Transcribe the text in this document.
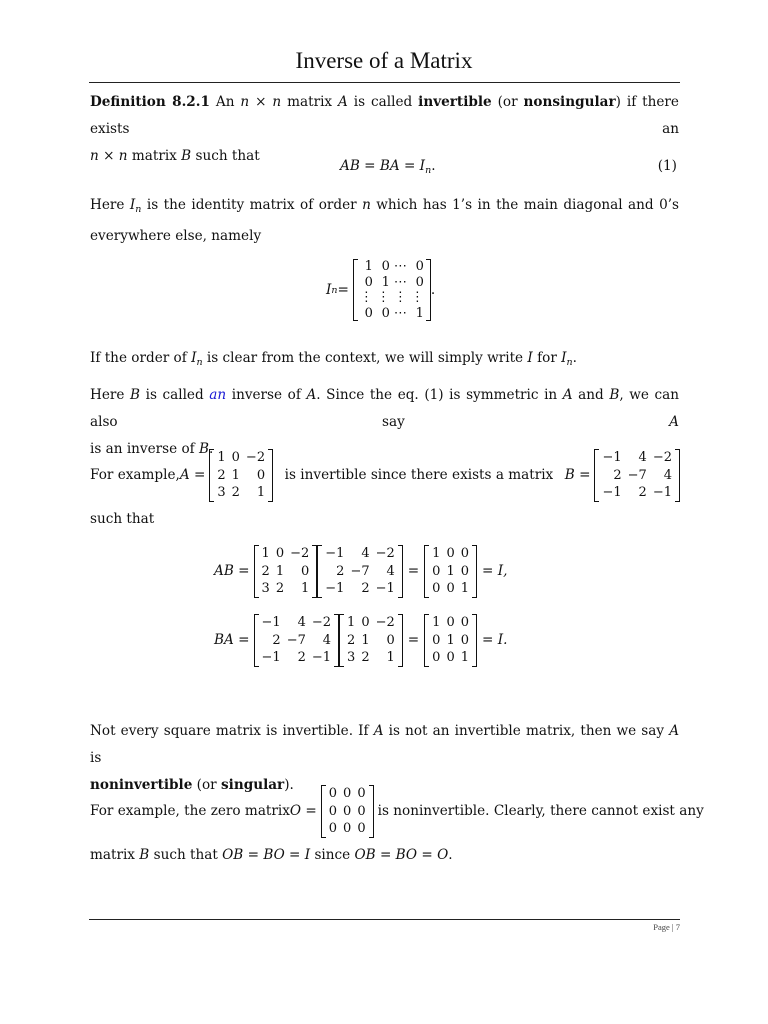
Inverse of a Matrix
Definition 8.2.1 An n × n matrix A is called invertible (or nonsingular) if there exists an
n × n matrix B such that
AB = BA = $I_n$.	(1)
Here $I_n$ is the identity matrix of order n which has 1’s in the main diagonal and 0’s
everywhere else, namely
I n =
1	0	⋯	0
0	1	⋯	0
⋮	⋮	⋮	⋮
0	0	⋯	1
.
If the order of $I_n$ is clear from the context, we will simply write I for $I_n$.
Here B is called an inverse of A. Since the eq. (1) is symmetric in A and B, we can also say A
is an inverse of B.
For example, A =
1	0	−2
2	1	0
3	2	1
is invertible since there exists a matrix B =
−1	4	−2
2	−7	4
−1	2	−1
such that
AB =
1	0	−2
2	1	0
3	2	1
−1	4	−2
2	−7	4
−1	2	−1
=
1	0	0
0	1	0
0	0	1
= I,
BA =
−1	4	−2
2	−7	4
−1	2	−1
1	0	−2
2	1	0
3	2	1
=
1	0	0
0	1	0
0	0	1
= I.
Not every square matrix is invertible. If A is not an invertible matrix, then we say A is
noninvertible (or singular).
For example, the zero matrix O =
0	0	0
0	0	0
0	0	0
is noninvertible. Clearly, there cannot exist any
matrix B such that OB = BO = I since OB = BO = O.
Page | 7
